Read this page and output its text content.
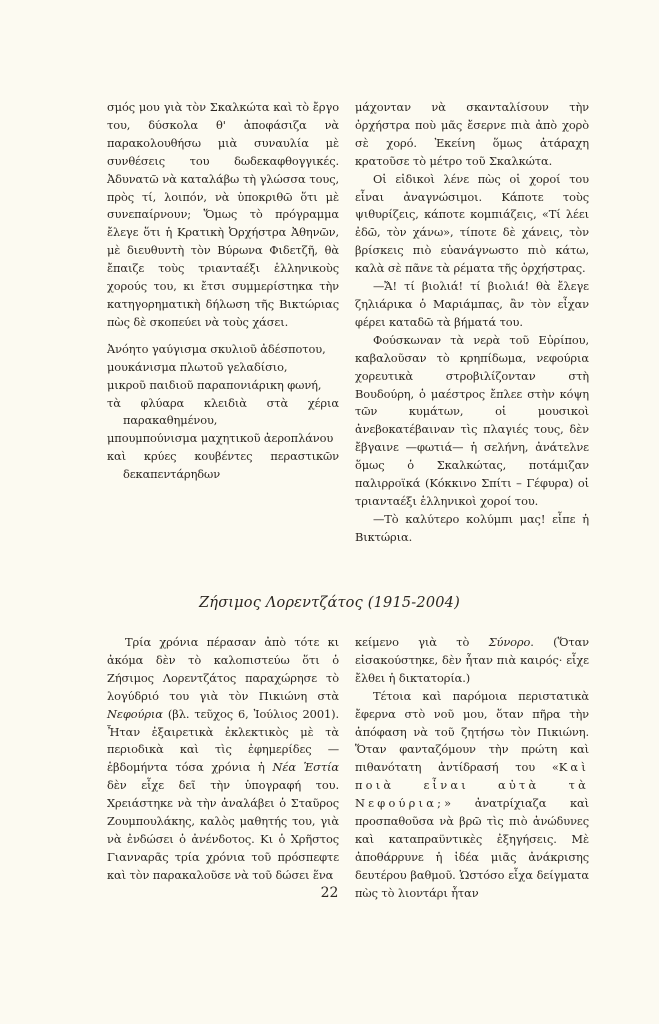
σμός μου γιὰ τὸν Σκαλκώτα καὶ τὸ ἔργο του, δύσκολα θ' ἀποφάσιζα νὰ παρακολουθήσω μιὰ συναυλία μὲ συνθέσεις του δωδεκαφθογγικές. Ἀδυνατῶ νὰ καταλάβω τὴ γλώσσα τους, πρὸς τί, λοιπόν, νὰ ὑποκριθῶ ὅτι μὲ συνεπαίρνουν; Ὅμως τὸ πρόγραμμα ἔλεγε ὅτι ἡ Κρατικὴ Ὀρχήστρα Ἀθηνῶν, μὲ διευθυντὴ τὸν Βύρωνα Φιδετζῆ, θὰ ἔπαιζε τοὺς τριανταέξι ἑλληνικοὺς χορούς του, κι ἔτσι συμμερίστηκα τὴν κατηγορηματικὴ δήλωση τῆς Βικτώριας πὼς δὲ σκοπεύει νὰ τοὺς χάσει.

Ἀνόητο γαύγισμα σκυλιοῦ ἀδέσποτου,
μουκάνισμα πλωτοῦ γελαδίσιο,
μικροῦ παιδιοῦ παραπονιάρικη φωνή,
τὰ φλύαρα κλειδιὰ στὰ χέρια παρακαθημένου,
μπουμπούνισμα μαχητικοῦ ἀεροπλάνου
καὶ κρύες κουβέντες περαστικῶν δεκαπεντάρηδων

μάχονταν νὰ σκανταλίσουν τὴν ὀρχήστρα ποὺ μᾶς ἔσερνε πιὰ ἀπὸ χορὸ σὲ χορό. Ἐκείνη ὅμως ἀτάραχη κρατοῦσε τὸ μέτρο τοῦ Σκαλκώτα.

Οἱ εἰδικοὶ λένε πὼς οἱ χοροί του εἶναι ἀναγνώσιμοι. Κάποτε τοὺς ψιθυρίζεις, κάποτε κομπιάζεις, «Τί λέει ἐδῶ, τὸν χάνω», τίποτε δὲ χάνεις, τὸν βρίσκεις πιὸ εὐανάγνωστο πιὸ κάτω, καλὰ σὲ πᾶνε τὰ ρέματα τῆς ὀρχήστρας.

—Ἄ! τί βιολιά! τί βιολιά! θὰ ἔλεγε ζηλιάρικα ὁ Μαριάμπας, ἂν τὸν εἶχαν φέρει καταδῶ τὰ βήματά του.

Φούσκωναν τὰ νερὰ τοῦ Εὐρίπου, καβαλοῦσαν τὸ κρηπίδωμα, νεφούρια χορευτικὰ στροβιλίζονταν στὴ Βουδούρη, ὁ μαέστρος ἔπλεε στὴν κόψη τῶν κυμάτων, οἱ μουσικοὶ ἀνεβοκατέβαιναν τὶς πλαγιές τους, δὲν ἔβγαινε —φωτιά— ἡ σελήνη, ἀνάτελνε ὅμως ὁ Σκαλκώτας, ποτάμιζαν παλιρροϊκά (Κόκκινο Σπίτι – Γέφυρα) οἱ τριανταέξι ἑλληνικοὶ χοροί του.

—Τὸ καλύτερο κολύμπι μας! εἶπε ἡ Βικτώρια.

Ζήσιμος Λορεντζάτος (1915-2004)

Τρία χρόνια πέρασαν ἀπὸ τότε κι ἀκόμα δὲν τὸ καλοπιστεύω ὅτι ὁ Ζήσιμος Λορεντζάτος παραχώρησε τὸ λογύδριό του γιὰ τὸν Πικιώνη στὰ Νεφούρια (βλ. τεῦχος 6, Ἰούλιος 2001). Ἦταν ἐξαιρετικὰ ἐκλεκτικὸς μὲ τὰ περιοδικὰ καὶ τὶς ἐφημερίδες — ἑβδομήντα τόσα χρόνια ἡ Νέα Ἑστία δὲν εἶχε δεῖ τὴν ὑπογραφή του. Χρειάστηκε νὰ τὴν ἀναλάβει ὁ Σταῦρος Ζουμπουλάκης, καλὸς μαθητής του, γιὰ νὰ ἐνδώσει ὁ ἀνένδοτος. Κι ὁ Χρῆστος Γιανναρᾶς τρία χρόνια τοῦ πρόσπεφτε καὶ τὸν παρακαλοῦσε νὰ τοῦ δώσει ἕνα

κείμενο γιὰ τὸ Σύνορο. (Ὅταν εἰσακούστηκε, δὲν ἦταν πιὰ καιρός· εἶχε ἔλθει ἡ δικτατορία.)

Τέτοια καὶ παρόμοια περιστατικὰ ἔφερνα στὸ νοῦ μου, ὅταν πῆρα τὴν ἀπόφαση νὰ τοῦ ζητήσω τὸν Πικιώνη. Ὅταν φανταζόμουν τὴν πρώτη καὶ πιθανότατη ἀντίδρασή του «Καὶ ποιὰ εἶναι αὐτὰ τὰ Νεφούρια;» ἀνατρίχιαζα καὶ προσπαθοῦσα νὰ βρῶ τὶς πιὸ ἀνώδυνες καὶ καταπραϋντικὲς ἐξηγήσεις. Μὲ ἀποθάρρυνε ἡ ἰδέα μιᾶς ἀνάκρισης δευτέρου βαθμοῦ. Ὡστόσο εἶχα δείγματα πὼς τὸ λιοντάρι ἦταν

22
